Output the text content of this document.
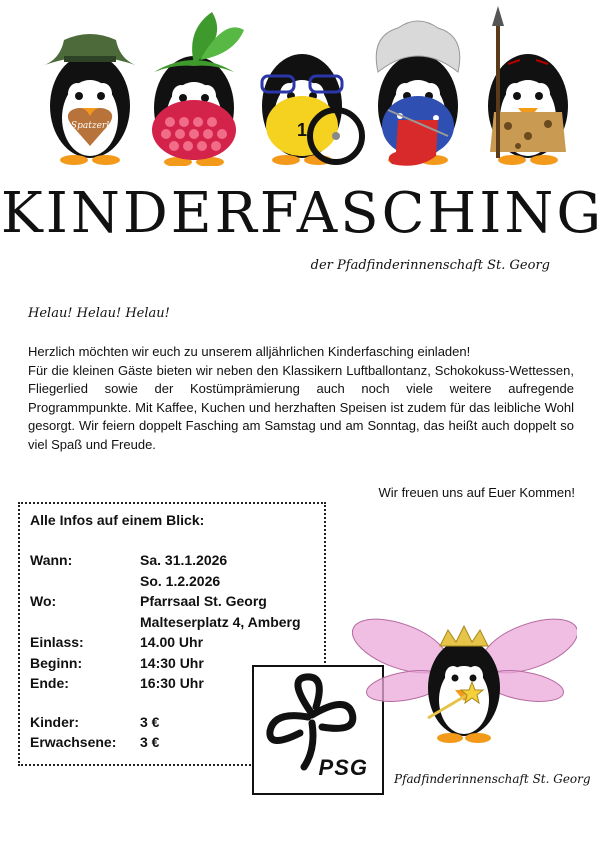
Spatzerl	1
KINDERFASCHING
der Pfadfinderinnenschaft St. Georg
Helau! Helau! Helau!

Herzlich möchten wir euch zu unserem alljährlichen Kinderfasching einladen!
Für die kleinen Gäste bieten wir neben den Klassikern Luftballontanz, Schokokuss-Wettessen, Fliegerlied sowie der Kostümprämierung auch noch viele weitere aufregende Programmpunkte. Mit Kaffee, Kuchen und herzhaften Speisen ist zudem für das leibliche Wohl gesorgt. Wir feiern doppelt Fasching am Samstag und am Sonntag, das heißt auch doppelt so viel Spaß und Freude.

Wir freuen uns auf Euer Kommen!
Alle Infos auf einem Blick:
Wann:	Sa. 31.1.2026
So. 1.2.2026
Wo:	Pfarrsaal St. Georg
Malteserplatz 4, Amberg
Einlass:	14.00 Uhr
Beginn:	14:30 Uhr
Ende:	16:30 Uhr
Kinder:	3 €
Erwachsene: 3 €
PSG Pfadfinderinnenschaft St. Georg
